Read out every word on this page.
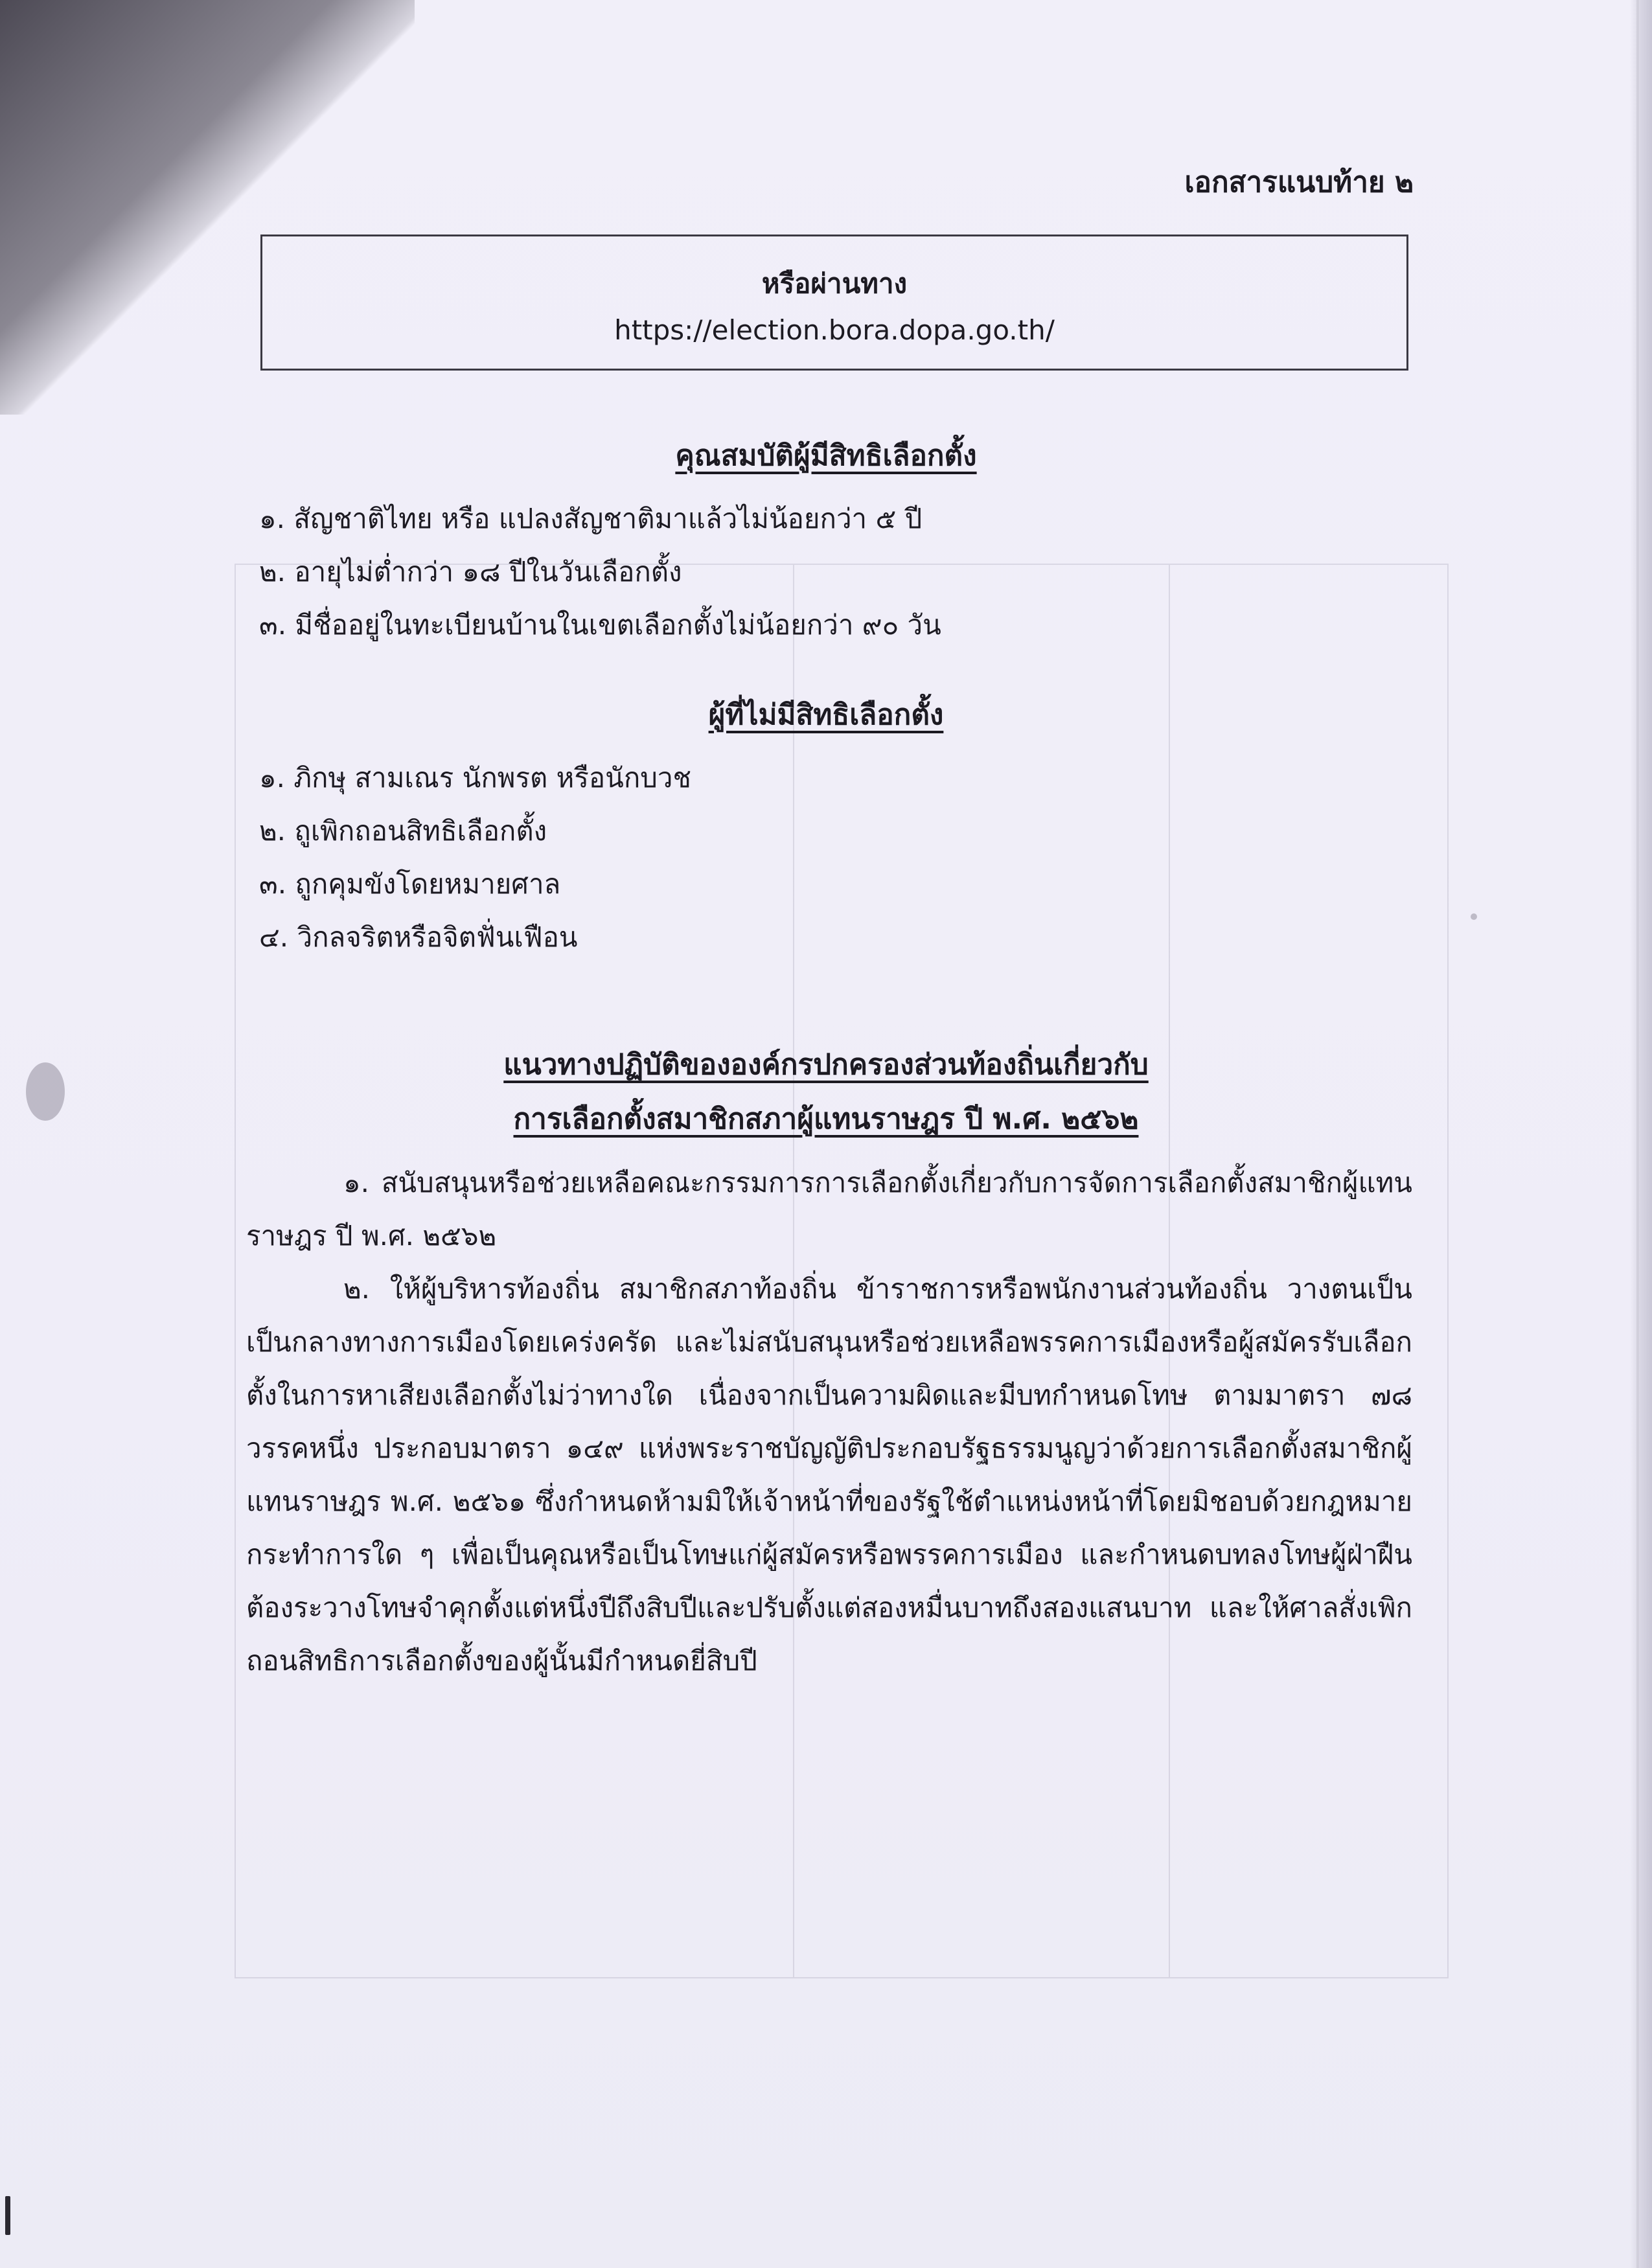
เอกสารแนบท้าย ๒
หรือผ่านทาง
https://election.bora.dopa.go.th/
คุณสมบัติผู้มีสิทธิเลือกตั้ง
๑. สัญชาติไทย หรือ แปลงสัญชาติมาแล้วไม่น้อยกว่า ๕ ปี
๒. อายุไม่ต่ำกว่า ๑๘ ปีในวันเลือกตั้ง
๓. มีชื่ออยู่ในทะเบียนบ้านในเขตเลือกตั้งไม่น้อยกว่า ๙๐ วัน
ผู้ที่ไม่มีสิทธิเลือกตั้ง
๑. ภิกษุ สามเณร นักพรต หรือนักบวช
๒. ถูเพิกถอนสิทธิเลือกตั้ง
๓. ถูกคุมขังโดยหมายศาล
๔. วิกลจริตหรือจิตฟั่นเฟือน
แนวทางปฏิบัติขององค์กรปกครองส่วนท้องถิ่นเกี่ยวกับ
การเลือกตั้งสมาชิกสภาผู้แทนราษฎร ปี พ.ศ. ๒๕๖๒

๑. สนับสนุนหรือช่วยเหลือคณะกรรมการการเลือกตั้งเกี่ยวกับการจัดการเลือกตั้งสมาชิกผู้แทนราษฎร ปี พ.ศ. ๒๕๖๒

๒. ให้ผู้บริหารท้องถิ่น สมาชิกสภาท้องถิ่น ข้าราชการหรือพนักงานส่วนท้องถิ่น วางตนเป็นเป็นกลางทางการเมืองโดยเคร่งครัด และไม่สนับสนุนหรือช่วยเหลือพรรคการเมืองหรือผู้สมัครรับเลือกตั้งในการหาเสียงเลือกตั้งไม่ว่าทางใด เนื่องจากเป็นความผิดและมีบทกำหนดโทษ ตามมาตรา ๗๘ วรรคหนึ่ง ประกอบมาตรา ๑๔๙ แห่งพระราชบัญญัติประกอบรัฐธรรมนูญว่าด้วยการเลือกตั้งสมาชิกผู้แทนราษฎร พ.ศ. ๒๕๖๑ ซึ่งกำหนดห้ามมิให้เจ้าหน้าที่ของรัฐใช้ตำแหน่งหน้าที่โดยมิชอบด้วยกฎหมายกระทำการใด ๆ เพื่อเป็นคุณหรือเป็นโทษแก่ผู้สมัครหรือพรรคการเมือง และกำหนดบทลงโทษผู้ฝ่าฝืน ต้องระวางโทษจำคุกตั้งแต่หนึ่งปีถึงสิบปีและปรับตั้งแต่สองหมื่นบาทถึงสองแสนบาท และให้ศาลสั่งเพิกถอนสิทธิการเลือกตั้งของผู้นั้นมีกำหนดยี่สิบปี
